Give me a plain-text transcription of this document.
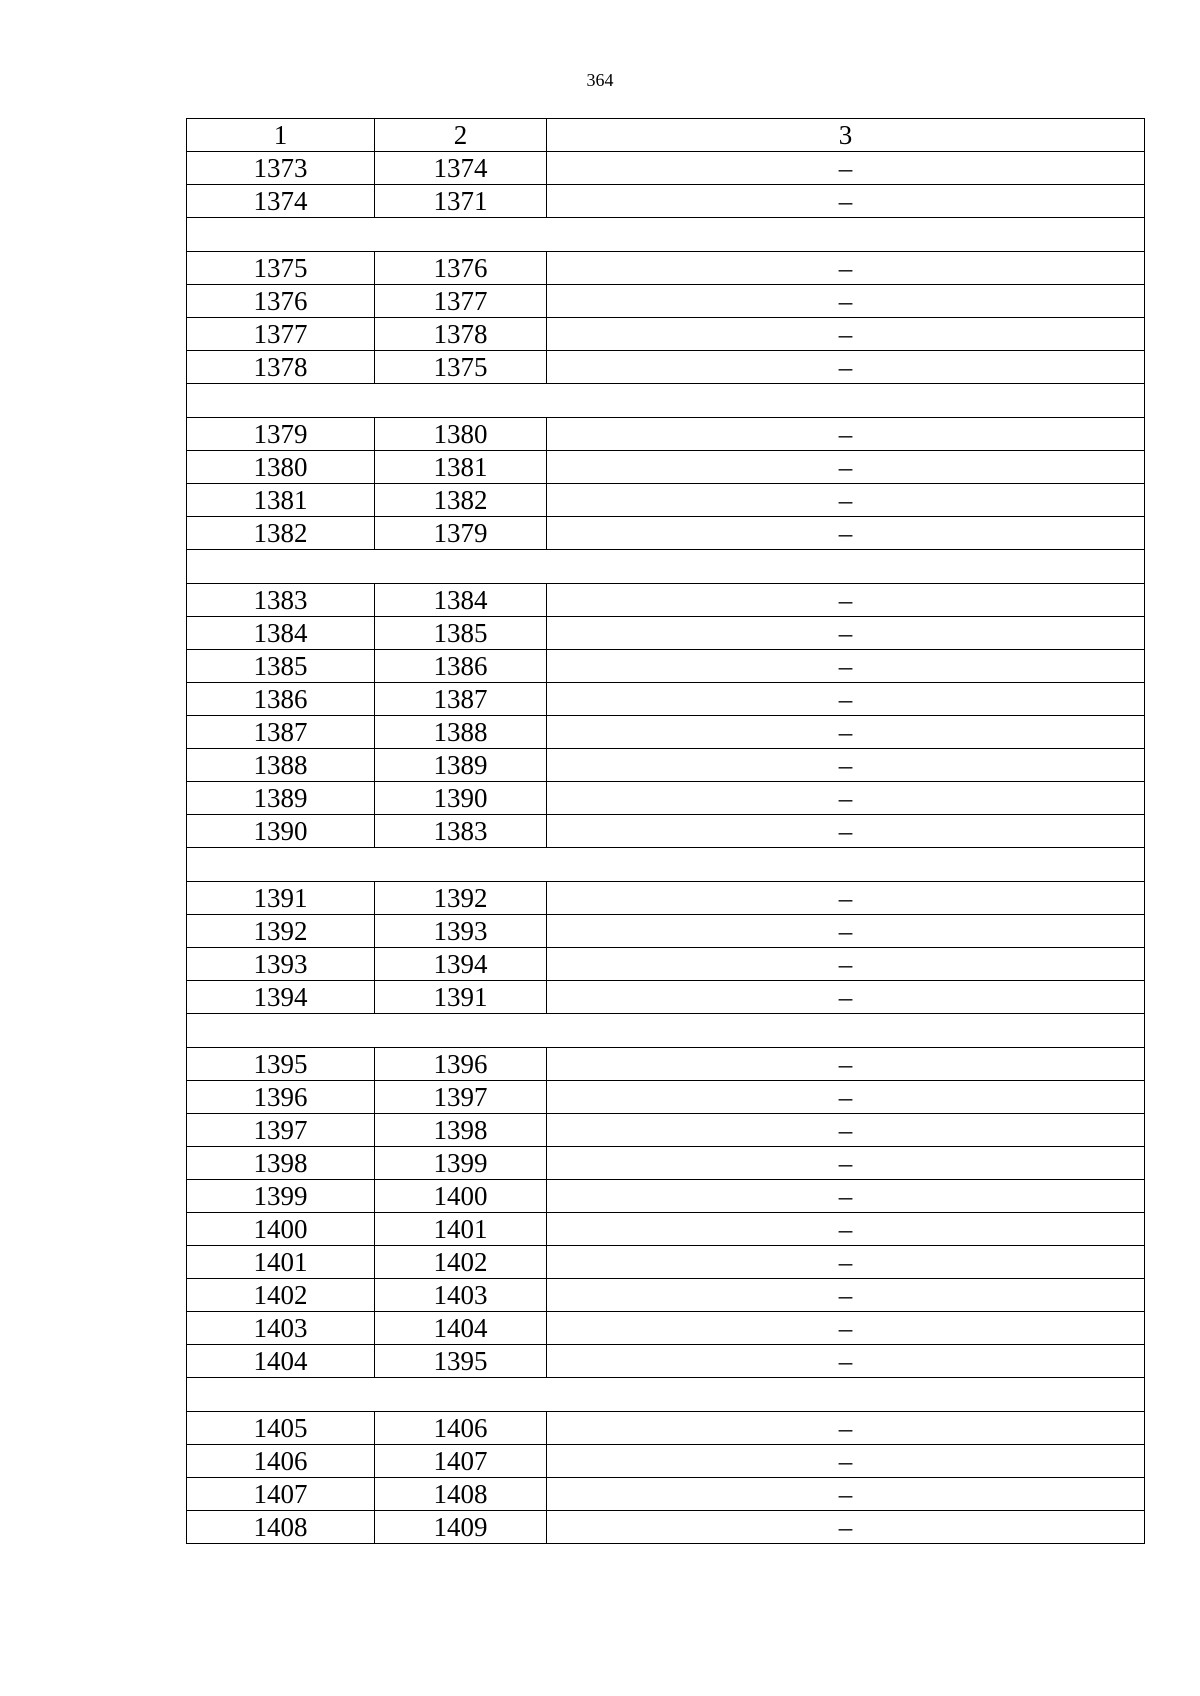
364
1	2	3
1373	1374	–
1374	1371	–

1375	1376	–
1376	1377	–
1377	1378	–
1378	1375	–

1379	1380	–
1380	1381	–
1381	1382	–
1382	1379	–

1383	1384	–
1384	1385	–
1385	1386	–
1386	1387	–
1387	1388	–
1388	1389	–
1389	1390	–
1390	1383	–

1391	1392	–
1392	1393	–
1393	1394	–
1394	1391	–

1395	1396	–
1396	1397	–
1397	1398	–
1398	1399	–
1399	1400	–
1400	1401	–
1401	1402	–
1402	1403	–
1403	1404	–
1404	1395	–

1405	1406	–
1406	1407	–
1407	1408	–
1408	1409	–
